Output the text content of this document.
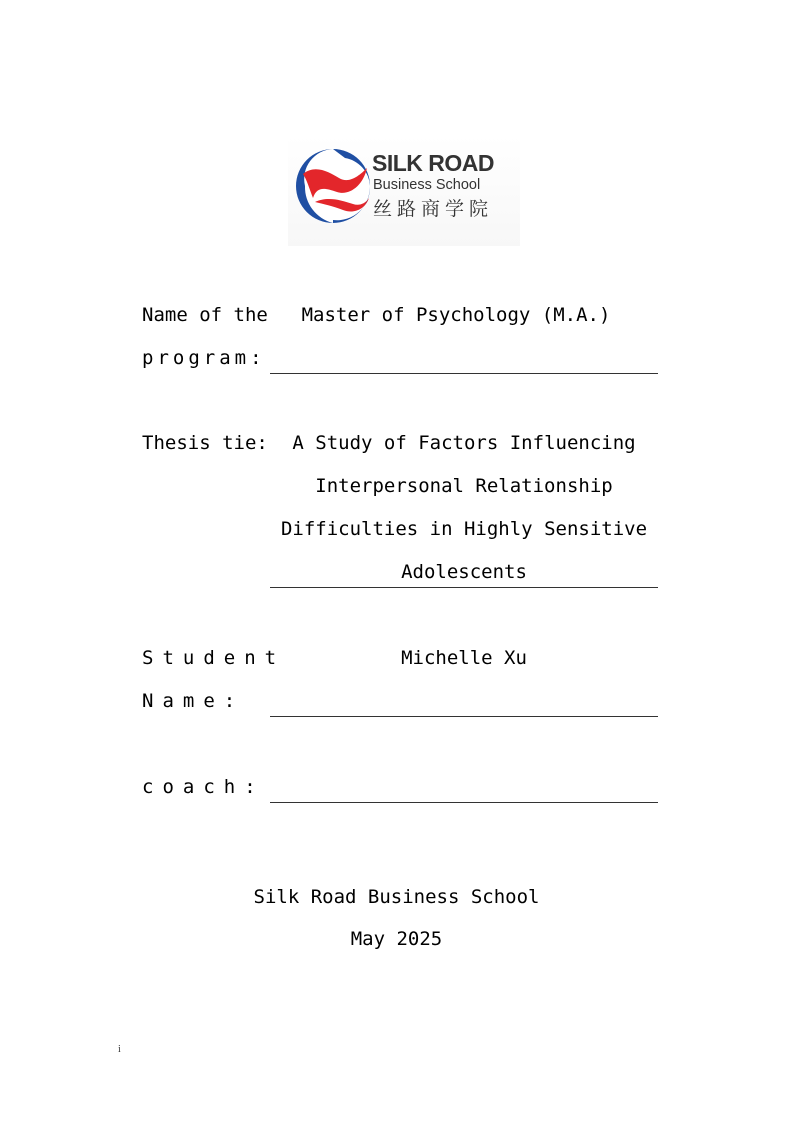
SILK ROAD
Business School
丝路商学院
Name of the
program:
Master of Psychology (M.A.)
Thesis tie:	A Study of Factors Influencing
Interpersonal Relationship
Difficulties in Highly Sensitive
Adolescents
Student
Name:
Michelle Xu
coach:
Silk Road Business School
May 2025
i
